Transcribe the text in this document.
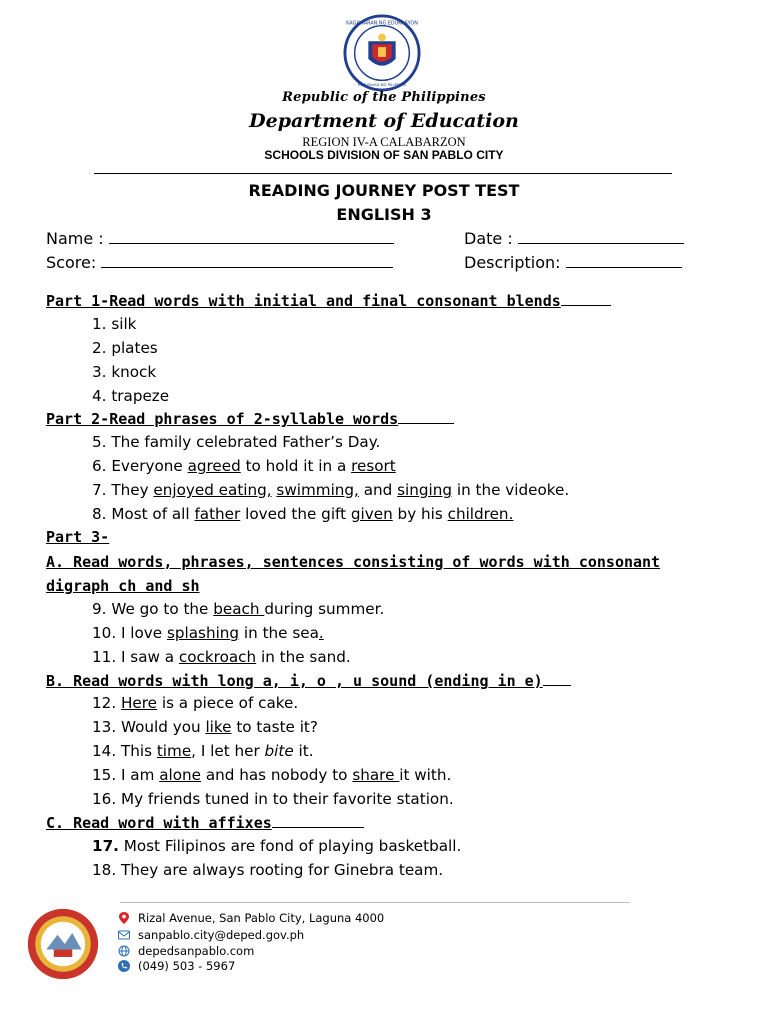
KAGAWARAN NG EDUKASYON
REPUBLIKA NG PILIPINAS
Republic of the Philippines
Department of Education
REGION IV-A CALABARZON
SCHOOLS DIVISION OF SAN PABLO CITY
READING JOURNEY POST TEST
ENGLISH 3
Name :	Date :
Score:	Description:
Part 1-Read words with initial and final consonant blends
1. silk
2. plates
3. knock
4. trapeze
Part 2-Read phrases of 2-syllable words
5. The family celebrated Father’s Day.
6. Everyone agreed to hold it in a resort
7. They enjoyed eating, swimming, and singing in the videoke.
8. Most of all father loved the gift given by his children.
Part 3-
A. Read words, phrases, sentences consisting of words with consonant
digraph ch and sh
9. We go to the beach during summer.
10. I love splashing in the sea.
11. I saw a cockroach in the sand.
B. Read words with long a, i, o , u sound (ending in e)
12. Here is a piece of cake.
13. Would you like to taste it?
14. This time, I let her bite it.
15. I am alone and has nobody to share it with.
16. My friends tuned in to their favorite station.
C. Read word with affixes
17. Most Filipinos are fond of playing basketball.
18. They are always rooting for Ginebra team.
Rizal Avenue, San Pablo City, Laguna 4000
sanpablo.city@deped.gov.ph
depedsanpablo.com
(049) 503 - 5967
